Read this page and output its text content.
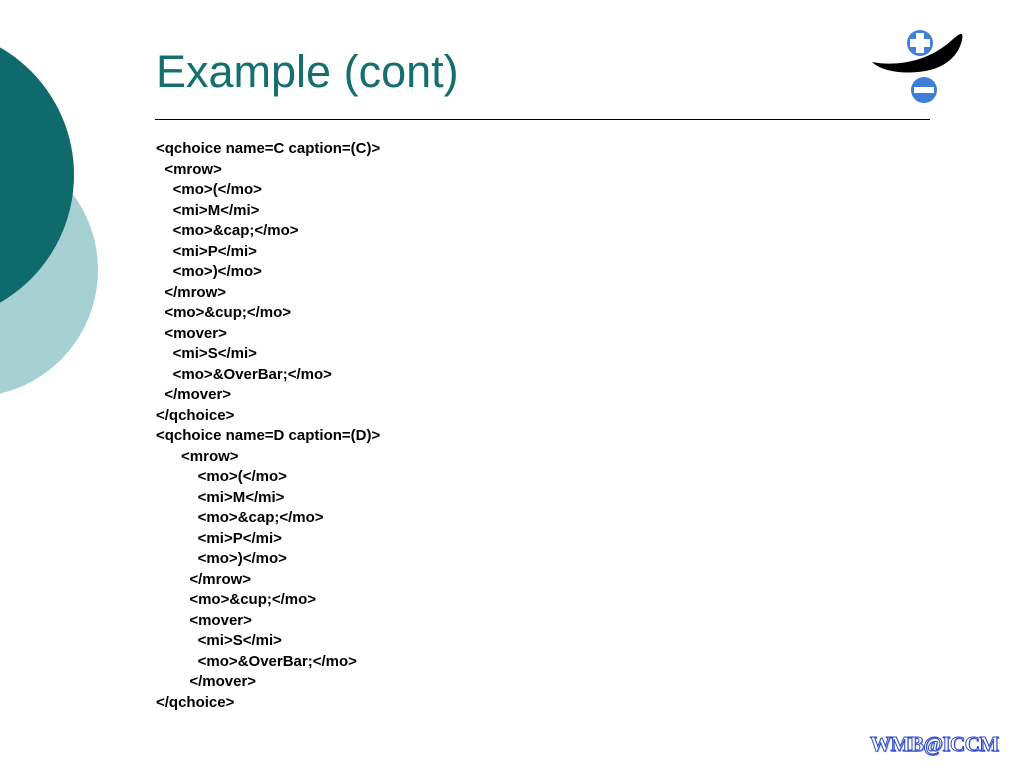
Example (cont)
<qchoice name=C caption=(C)>
<mrow>
<mo>(</mo>
<mi>M</mi>
<mo>&cap;</mo>
<mi>P</mi>
<mo>)</mo>
</mrow>
<mo>&cup;</mo>
<mover>
<mi>S</mi>
<mo>&OverBar;</mo>
</mover>
</qchoice>
<qchoice name=D caption=(D)>
<mrow>
<mo>(</mo>
<mi>M</mi>
<mo>&cap;</mo>
<mi>P</mi>
<mo>)</mo>
</mrow>
<mo>&cup;</mo>
<mover>
<mi>S</mi>
<mo>&OverBar;</mo>
</mover>
</qchoice>
WMB@ICCM
